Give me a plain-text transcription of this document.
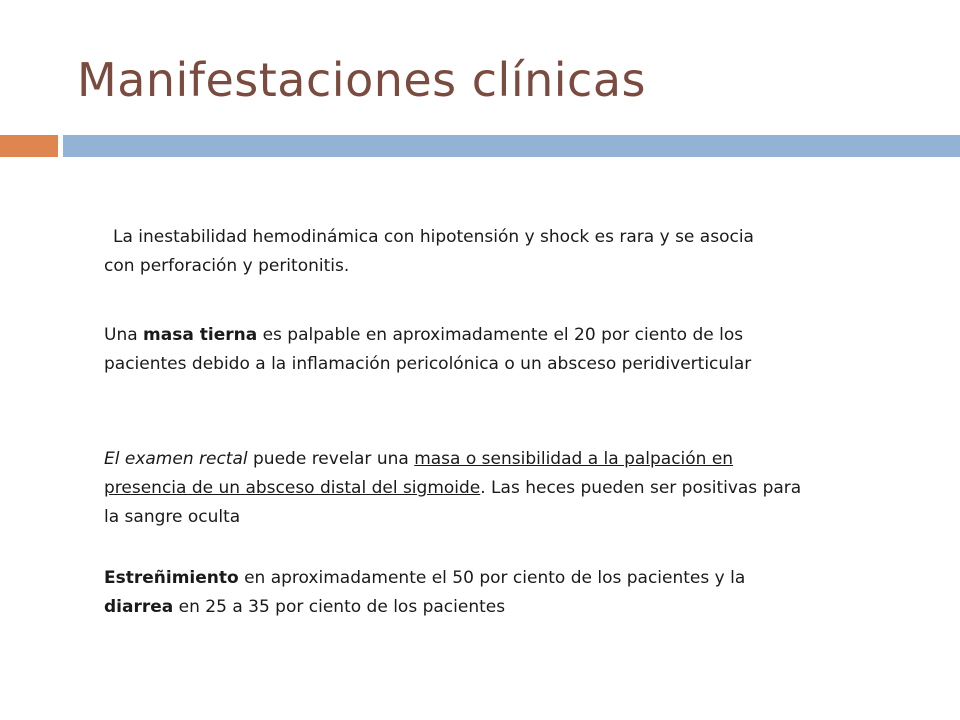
Manifestaciones clínicas

La inestabilidad hemodinámica con hipotensión y shock es rara y se asocia con perforación y peritonitis.

Una masa tierna es palpable en aproximadamente el 20 por ciento de los pacientes debido a la inflamación pericolónica o un absceso peridiverticular

El examen rectal puede revelar una masa o sensibilidad a la palpación en presencia de un absceso distal del sigmoide. Las heces pueden ser positivas para la sangre oculta

Estreñimiento en aproximadamente el 50 por ciento de los pacientes y la diarrea en 25 a 35 por ciento de los pacientes
